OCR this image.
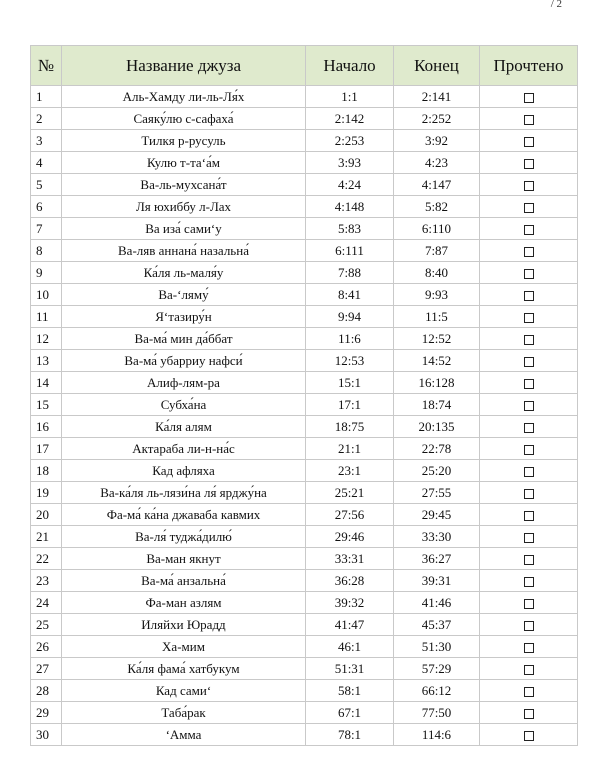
/ 2
№	Название джуза	Начало	Конец	Прочтено
1	Аль-Хамду ли-ль-Ля́х	1:1	2:141	
2	Саяку́лю с-сафаха́	2:142	2:252	
3	Тилкя р-русуль	2:253	3:92	
4	Кулю т-та‘а́м	3:93	4:23	
5	Ва-ль-мухсана́т	4:24	4:147	
6	Ля юхиббу л-Лах	4:148	5:82	
7	Ва иза́ сами‘у	5:83	6:110	
8	Ва-ляв аннана́ назальна́	6:111	7:87	
9	Ка́ля ль-маля́у	7:88	8:40	
10	Ва-‘ляму́	8:41	9:93	
11	Я‘тазиру́н	9:94	11:5	
12	Ва-ма́ мин да́ббат	11:6	12:52	
13	Ва-ма́ убарриу нафси́	12:53	14:52	
14	Алиф-лям-ра	15:1	16:128	
15	Субха́на	17:1	18:74	
16	Ка́ля алям	18:75	20:135	
17	Актараба ли-н-на́с	21:1	22:78	
18	Кад афляха	23:1	25:20	
19	Ва-ка́ля ль-лязи́на ля́ ярджу́на	25:21	27:55	
20	Фа-ма́ ка́на джаваба кавмих	27:56	29:45	
21	Ва-ля́ туджа́дилю́	29:46	33:30	
22	Ва-ман якнут	33:31	36:27	
23	Ва-ма́ анзальна́	36:28	39:31	
24	Фа-ман азлям	39:32	41:46	
25	Иляйхи Юрадд	41:47	45:37	
26	Ха-мим	46:1	51:30	
27	Ка́ля фама́ хатбукум	51:31	57:29	
28	Кад сами‘	58:1	66:12	
29	Таба́рак	67:1	77:50	
30	‘Амма	78:1	114:6	
